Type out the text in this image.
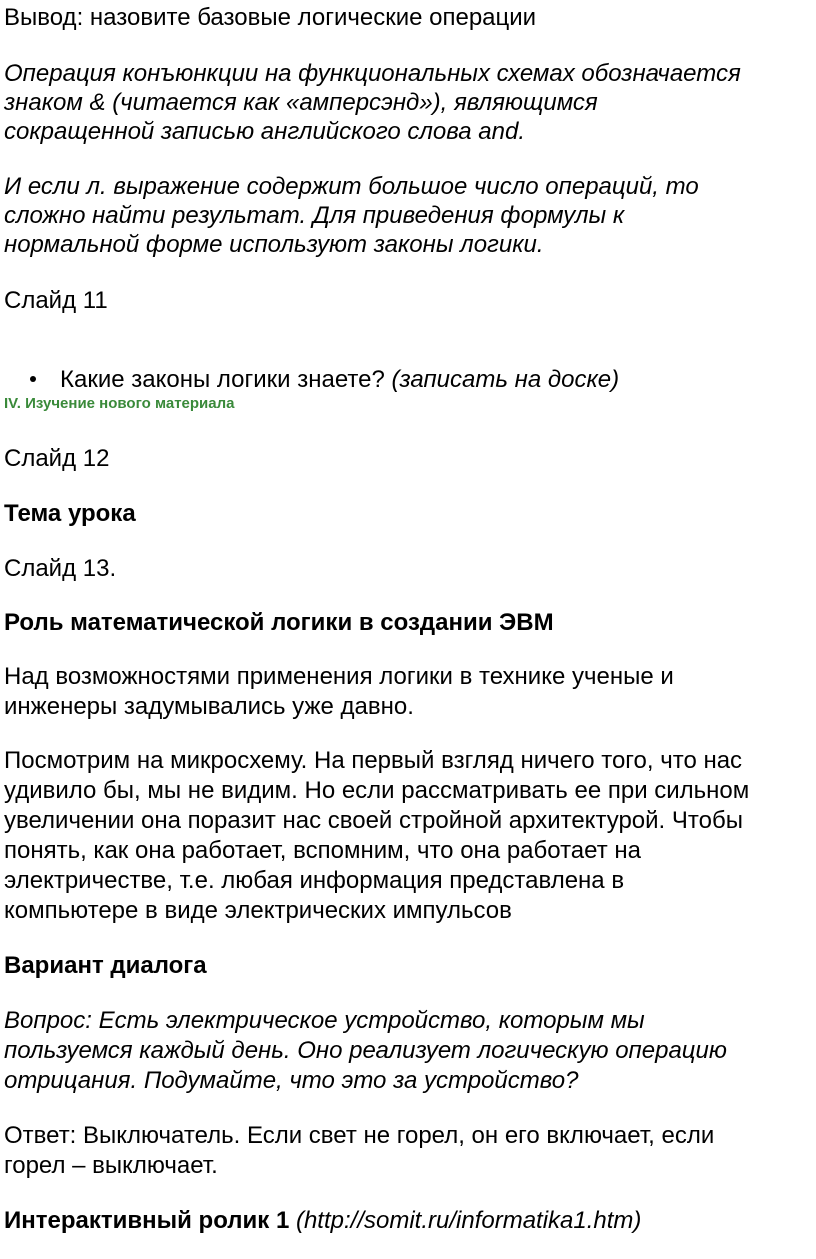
Вывод: назовите базовые логические операции

Операция конъюнкции на функциональных схемах обозначается

знаком & (читается как «амперсэнд»), являющимся

сокращенной записью английского слова and.

И если л. выражение содержит большое число операций, то

сложно найти результат. Для приведения формулы к

нормальной форме используют законы логики.

Слайд 11

Какие законы логики знаете? (записать на доске)

IV. Изучение нового материала

Слайд 12

Тема урока

Слайд 13.

Роль математической логики в создании ЭВМ

Над возможностями применения логики в технике ученые и

инженеры задумывались уже давно.

Посмотрим на микросхему. На первый взгляд ничего того, что нас

удивило бы, мы не видим. Но если рассматривать ее при сильном

увеличении она поразит нас своей стройной архитектурой. Чтобы

понять, как она работает, вспомним, что она работает на

электричестве, т.е. любая информация представлена в

компьютере в виде электрических импульсов

Вариант диалога

Вопрос: Есть электрическое устройство, которым мы

пользуемся каждый день. Оно реализует логическую операцию

отрицания. Подумайте, что это за устройство?

Ответ: Выключатель. Если свет не горел, он его включает, если

горел – выключает.

Интерактивный ролик 1 (http://somit.ru/informatika1.htm)
